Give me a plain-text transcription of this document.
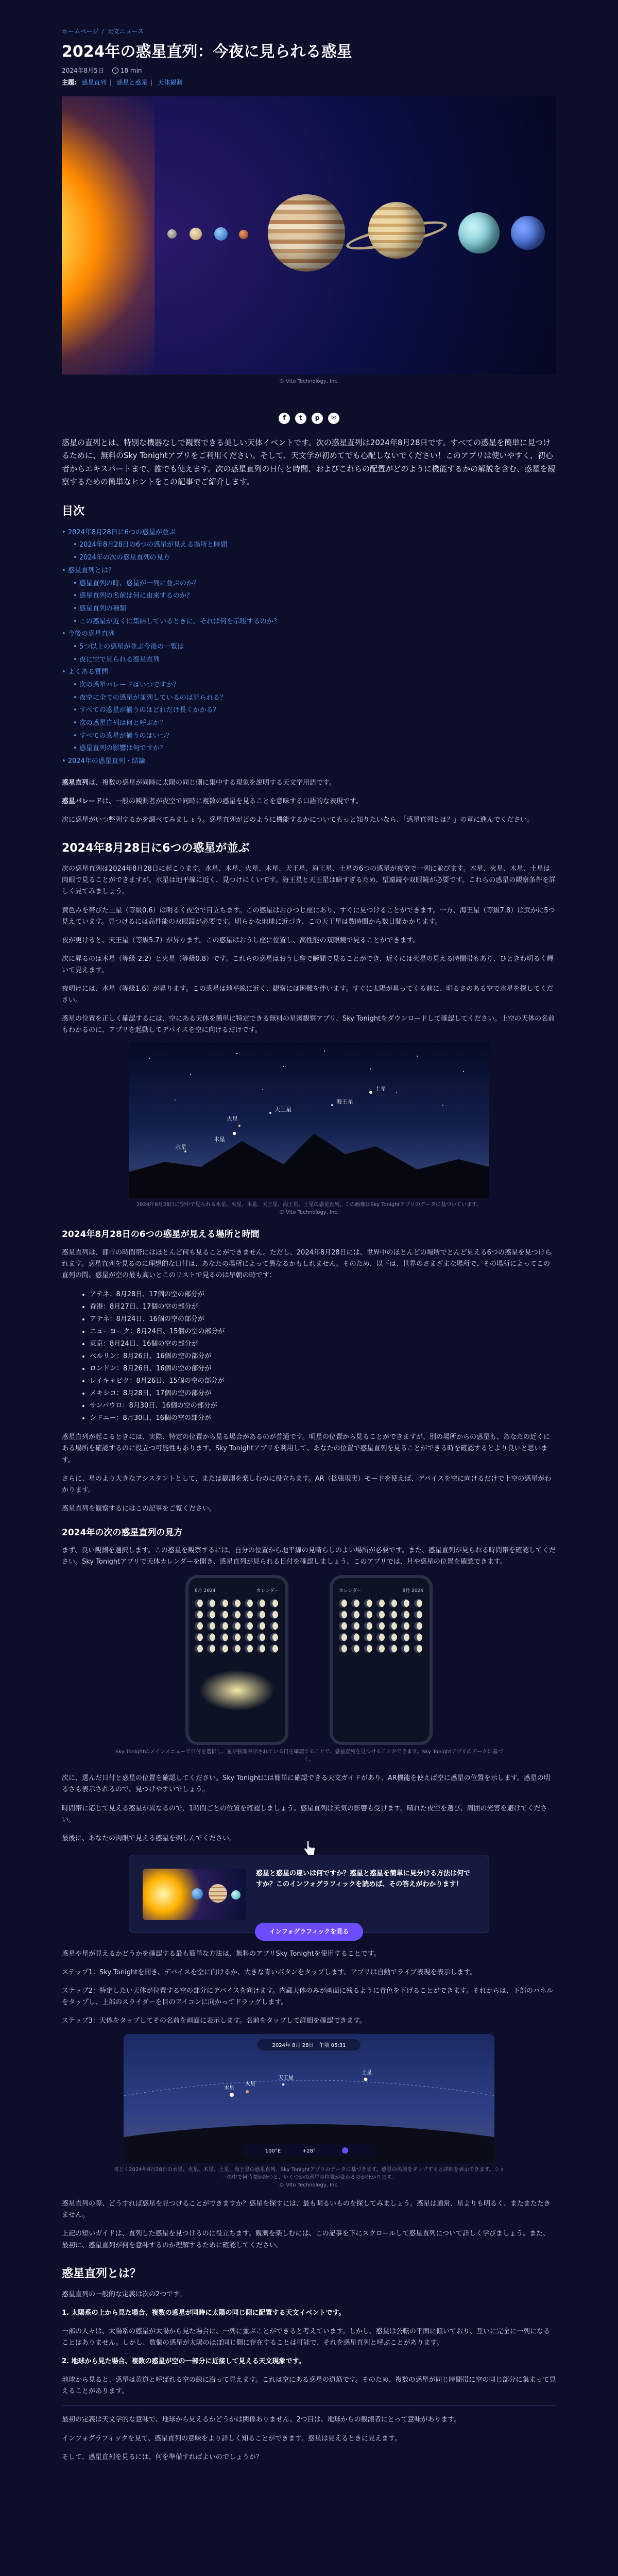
ホームページ / 天文ニュース
2024年の惑星直列：今夜に見られる惑星
2024年8月5日	18 min
主題: 惑星直列 | 惑星と惑星 | 天体観測
© Vito Technology, Inc.
f	t	p	✉

惑星の直列とは、特別な機器なしで観察できる美しい天体イベントです。次の惑星直列は2024年8月28日です。すべての惑星を簡単に見つけるために、無料のSky Tonightアプリをご利用ください。そして、天文学が初めてでも心配しないでください！このアプリは使いやすく、初心者からエキスパートまで、誰でも使えます。次の惑星直列の日付と時間、およびこれらの配置がどのように機能するかの解説を含む、惑星を観察するための簡単なヒントをこの記事でご紹介します。

目次
• 2024年8月28日に6つの惑星が並ぶ
• 2024年8月28日の6つの惑星が見える場所と時間
• 2024年の次の惑星直列の見方
• 惑星直列とは？
• 惑星直列の時、惑星が一列に並ぶのか？
• 惑星直列の名前は何に由来するのか？
• 惑星直列の種類
• この惑星が近くに集結しているときに、それは何を示唆するのか？
• 今後の惑星直列
• 5つ以上の惑星が並ぶ今後の一覧は
• 夜に空で見られる惑星直列
• よくある質問
• 次の惑星パレードはいつですか？
• 夜空に全ての惑星が並列しているのは見られる？
• すべての惑星が揃うのはどれだけ長くかかる？
• 次の惑星直列は何と呼ぶか？
• すべての惑星が揃うのはいつ？
• 惑星直列の影響は何ですか？
• 2024年の惑星直列・結論

惑星直列は、複数の惑星が同時に太陽の同じ側に集中する現象を説明する天文学用語です。

惑星パレードは、一般の観測者が夜空で同時に複数の惑星を見ることを意味する口語的な表現です。

次に惑星がいつ整列するかを調べてみましょう。惑星直列がどのように機能するかについてもっと知りたいなら、「惑星直列とは？」の章に進んでください。

2024年8月28日に6つの惑星が並ぶ

次の惑星直列は2024年8月28日に起こります。水星、木星、火星、木星、天王星、海王星、土星の6つの惑星が夜空で一列に並びます。木星、火星、木星、土星は肉眼で見ることができますが、水星は地平線に近く、見つけにくいです。海王星と天王星は暗すぎるため、望遠鏡や双眼鏡が必要です。これらの惑星の観察条件を詳しく見てみましょう。

黄色みを帯びた土星（等級0.6）は明るく夜空で目立ちます。この惑星はおひつじ座にあり、すぐに見つけることができます。一方、海王星（等級7.8）は武かに5つ見えています。見つけるには高性能の双眼鏡が必要です。明らかな地球に近づき、この天王星は数時間から数日間かかります。

夜が更けると、天王星（等級5.7）が昇ります。この惑星はおうし座に位置し、高性能の双眼鏡で見ることができます。

次に昇るのは木星（等級-2.2）と火星（等級0.8）です。これらの惑星はおうし座で瞬間で見ることができ、近くには火星の見える時間帯もあり、ひときわ明るく輝いて見えます。

夜明けには、水星（等級1.6）が昇ります。この惑星は地平線に近く、観察には困難を伴います。すぐに太陽が昇ってくる前に、明るさのある空で水星を探してください。

惑星の位置を正しく確認するには、空にある天体を簡単に特定できる無料の星図観察アプリ、Sky Tonightをダウンロードして確認してください。上空の天体の名前もわかるのに、アプリを起動してデバイスを空に向けるだけです。

土星
海王星
天王星
火星
木星
水星
2024年8月28日に空中で見られる水星、火星、木星、天王星、海王星、土星の惑星直列。この画像はSky Tonightアプリのデータに基づいています。
© Vito Technology, Inc.
2024年8月28日の6つの惑星が見える場所と時間

惑星直列は、都市の時間帯にはほとんど何も見ることができません。ただし、2024年8月28日には、世界中のほとんどの場所でとんど見える6つの惑星を見つけられます。惑星直列を見るのに理想的な日付は、あなたの場所によって異なるかもしれません。そのため、以下は、世界のさまざまな場所で、その場所によってこの直列の間、惑星が空の最も高いとこのリストで見るのは早朝の時です：

• アテネ：8月28日、17個の空の部分が
• 香港：8月27日、17個の空の部分が
• アテネ：8月24日、16個の空の部分が
• ニューヨーク：8月24日、15個の空の部分が
• 東京：8月24日、16個の空の部分が
• ベルリン：8月26日、16個の空の部分が
• ロンドン：8月26日、16個の空の部分が
• レイキャビク：8月26日、15個の空の部分が
• メキシコ：8月28日、17個の空の部分が
• サンパウロ：8月30日、16個の空の部分が
• シドニー：8月30日、16個の空の部分が

惑星直列が起こるときには、実際、特定の位置から見る場合があるのが普通です。明星の位置から見ることができますが、別の場所からの惑星も、あなたの近くにある場所を確認するのに役立つ可能性もあります。Sky Tonightアプリを利用して、あなたの位置で惑星直列を見ることができる時を確認するとより良いと思います。

さらに、星のより大きなアシスタントとして、または観測を楽しむのに役立ちます。AR（拡張現実）モードを使えば、デバイスを空に向けるだけで上空の惑星がわかります。

惑星直列を観察するにはこの記事をご覧ください。

2024年の次の惑星直列の見方

まず、良い観測を選択します。この惑星を観察するには、自分の位置から地平線の見晴らしのよい場所が必要です。また、惑星直列が見られる時間帯を確認してください。Sky Tonightアプリで天体カレンダーを開き、惑星直列が見られる日付を確認しましょう。このアプリでは、月や惑星の位置を確認できます。

8月 2024	カレンダー	カレンダー	8月 2024
Sky Tonightのメインメニューで日付を選択し、星が強調表示されている日を確認することで、惑星直列を見つけることができます。Sky Tonightアプリのデータに基づく。

次に、選んだ日付と惑星の位置を確認してください。Sky Tonightには簡単に確認できる天文ガイドがあり、AR機能を使えば空に惑星の位置を示します。惑星の明るさも表示されるので、見つけやすいでしょう。

時間帯に応じて見える惑星が異なるので、1時間ごとの位置を確認しましょう。惑星直列は天気の影響も受けます。晴れた夜空を選び、周囲の光害を避けてください。

最後に、あなたの肉眼で見える惑星を楽しんでください。

惑星と惑星の違いは何ですか？惑星と惑星を簡単に見分ける方法は何ですか？このインフォグラフィックを読めば、その答えがわかります！
インフォグラフィックを見る

惑星や星が見えるかどうかを確認する最も簡単な方法は、無料のアプリSky Tonightを使用することです。

ステップ1：Sky Tonightを開き、デバイスを空に向けるか、大きな青いボタンをタップします。アプリは自動でライブ表現を表示します。

ステップ2：特定したい天体が位置する空の部分にデバイスを向けます。内蔵天体のみが画面に残るように青色を下げることができます。それからは、下部のパネルをタップし、上部のスライダーを目のアイコンに向かってドラッグします。

ステップ3：天体をタップしてその名前を画面に表示します。名前をタップして詳細を確認できます。

2024年 8月 28日　午前 05:31
木星
火星
天王星
土星
100°E	+28°
同じく2024年8月28日の水星、火星、木星、土星、海王星の惑星直列。Sky Tonightアプリのデータに基づきます。惑星の名前をタップすると詳細を表示できます。ショーの中で何時間か経つと、いくつかの惑星の位置が変わるのが分かります。
© Vito Technology, Inc.

惑星直列の際、どうすれば惑星を見つけることができますか？惑星を探すには、最も明るいものを探してみましょう。惑星は通常、星よりも明るく、またまたたきません。

上記の短いガイドは、直列した惑星を見つけるのに役立ちます。観測を楽しむには、この記事を下にスクロールして惑星直列について詳しく学びましょう。また、最初に、惑星直列が何を意味するのか理解するために確認してください。

惑星直列とは？

惑星直列の一般的な定義は次の2つです。

1. 太陽系の上から見た場合、複数の惑星が同時に太陽の同じ側に配置する天文イベントです。

一部の人々は、太陽系の惑星が太陽から見た場合に、一列に並ぶことができると考えています。しかし、惑星は公転の平面に傾いており、互いに完全に一列になることはありません。しかし、数個の惑星が太陽のほぼ同じ側に存在することは可能で、それを惑星直列と呼ぶことがあります。

2. 地球から見た場合、複数の惑星が空の一部分に近接して見える天文現象です。

地球から見ると、惑星は黄道と呼ばれる空の線に沿って見えます。これは空にある惑星の道筋です。そのため、複数の惑星が同じ時間帯に空の同じ部分に集まって見えることがあります。

最初の定義は天文学的な意味で、地球から見えるかどうかは関係ありません。2つ目は、地球からの観測者にとって意味があります。

インフォグラフィックを見て、惑星直列の意味をより詳しく知ることができます。惑星は見えるときに見えます。

そして、惑星直列を見るには、何を準備すればよいのでしょうか？
